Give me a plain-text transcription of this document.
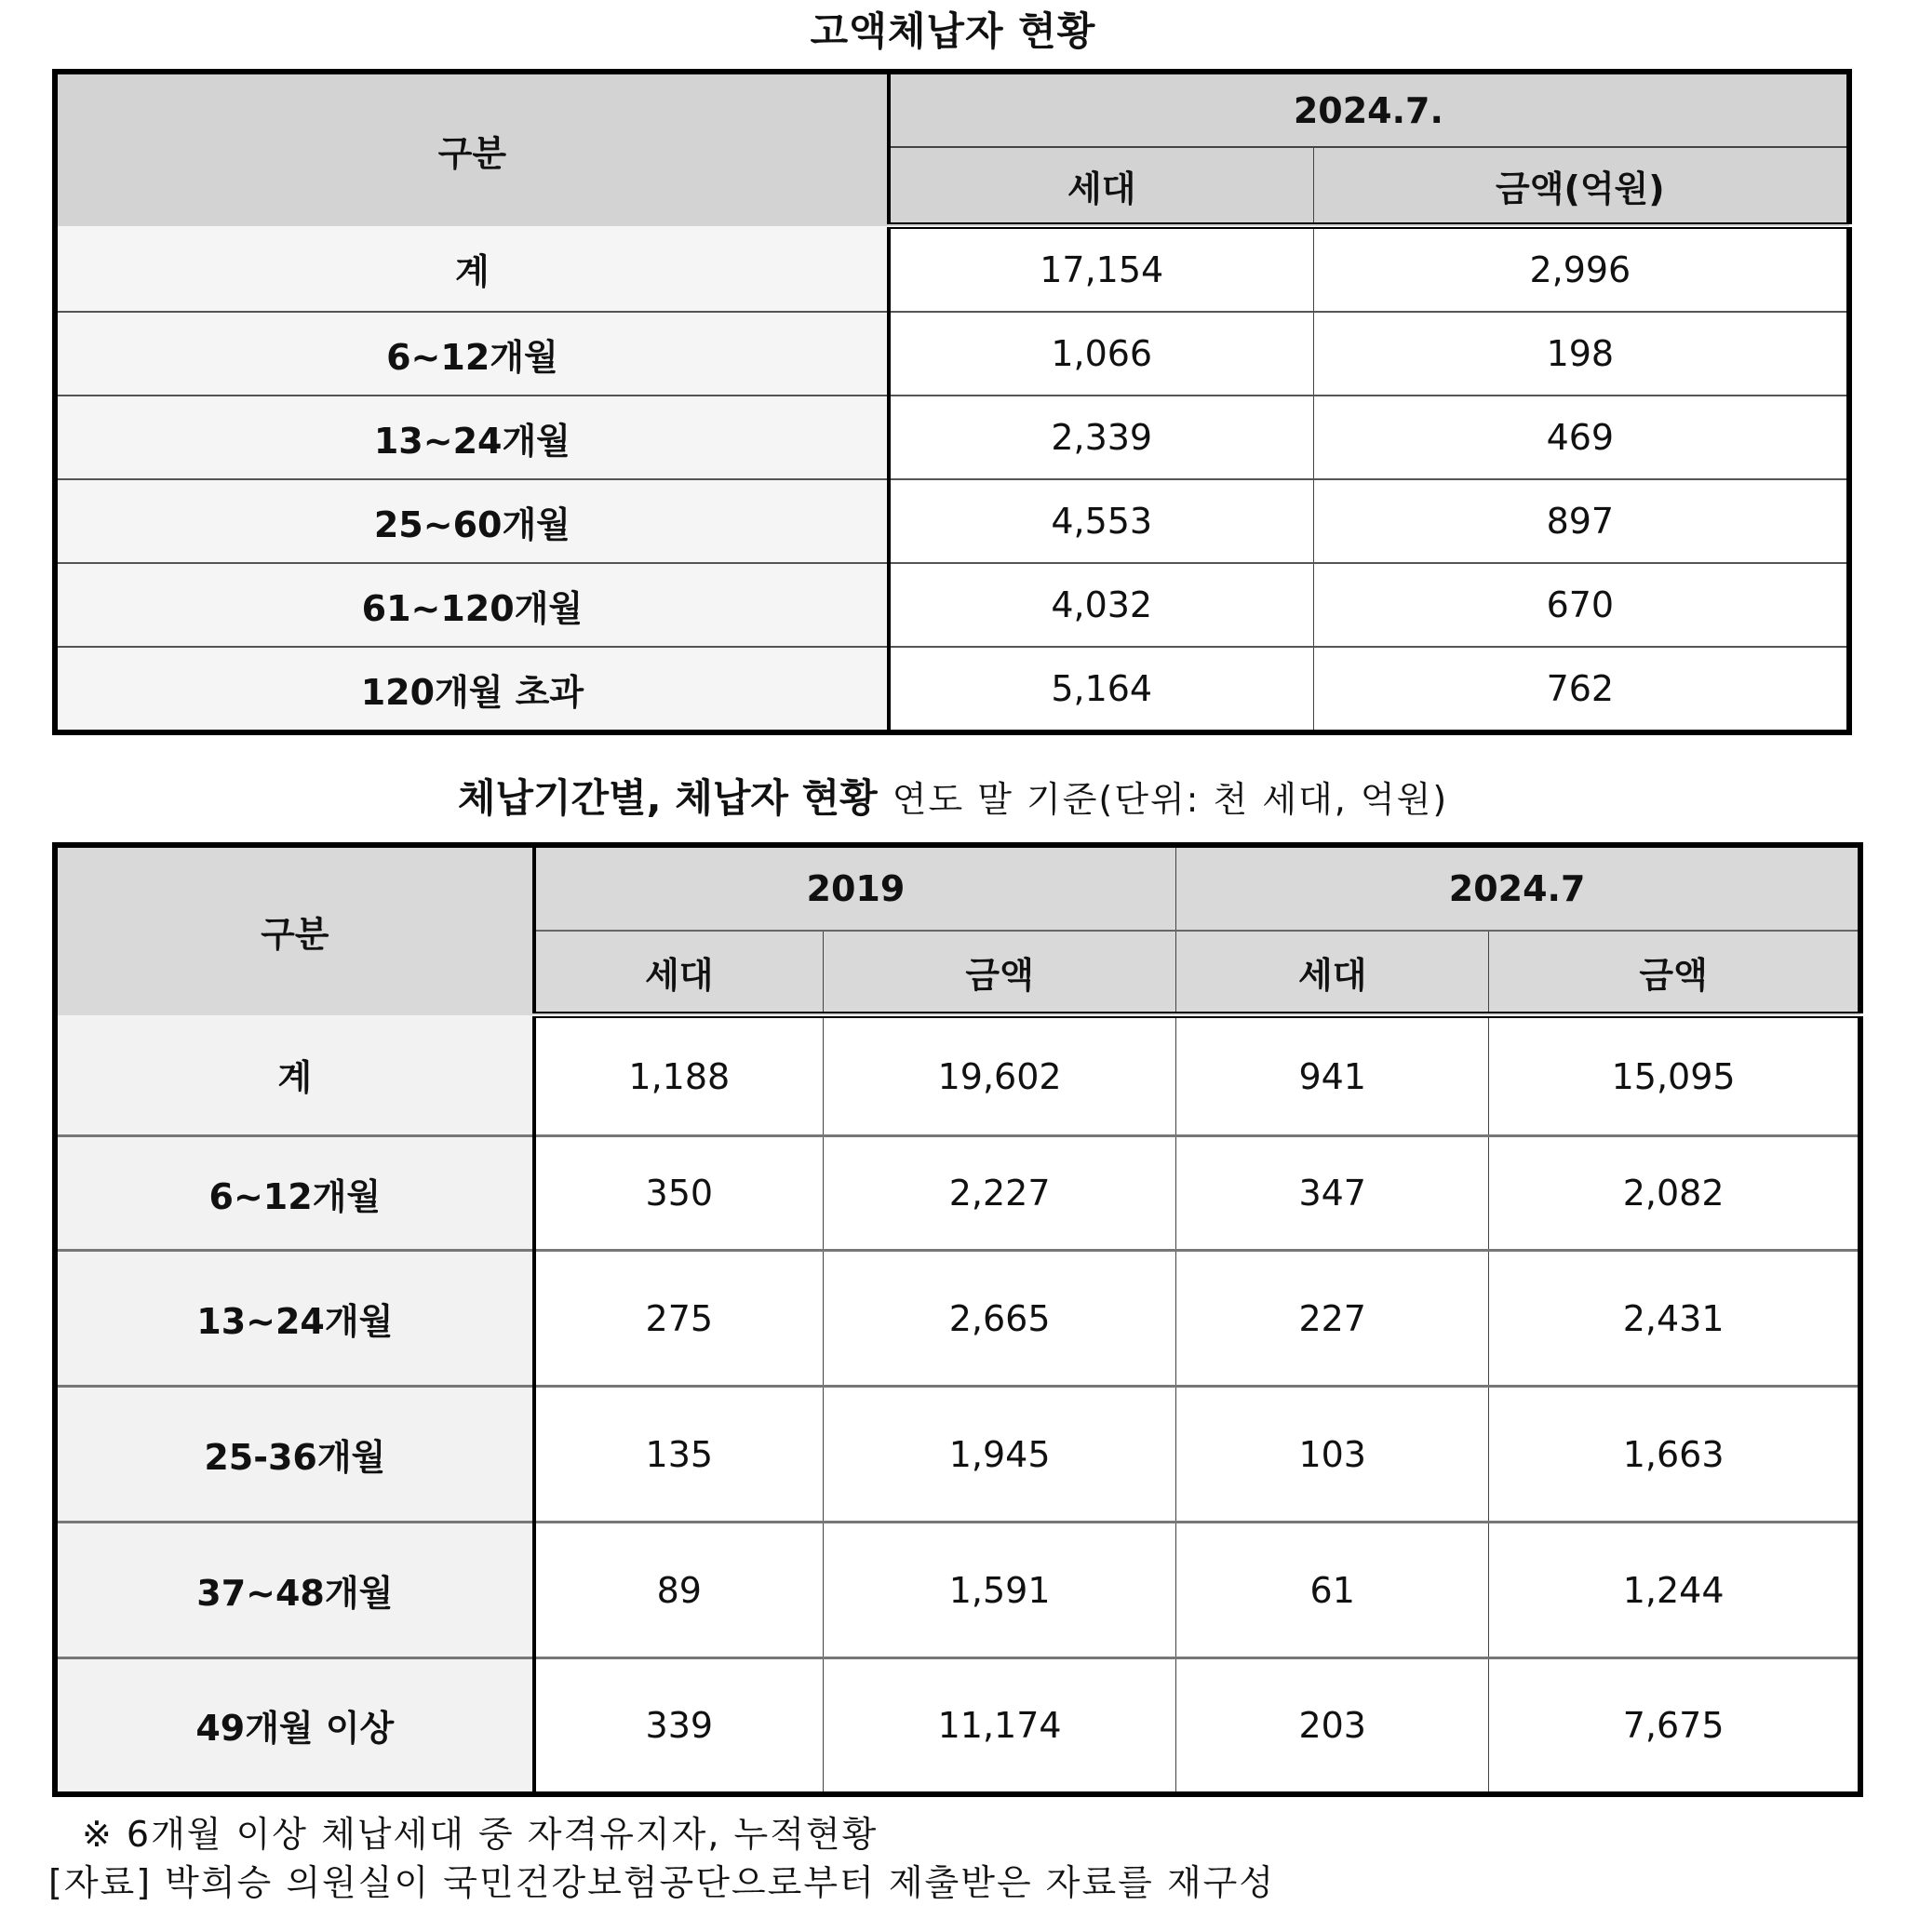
고액체납자 현황
구분	2024.7.	
	세대	금액(억원)
계	17,154	2,996
6~12개월	1,066	198
13~24개월	2,339	469
25~60개월	4,553	897
61~120개월	4,032	670
120개월 초과	5,164	762
체납기간별, 체납자 현황 연도 말 기준(단위: 천 세대, 억원)
구분	2019		2024.7	
	세대	금액	세대	금액
계	1,188	19,602	941	15,095
6~12개월	350	2,227	347	2,082
13~24개월	275	2,665	227	2,431
25-36개월	135	1,945	103	1,663
37~48개월	89	1,591	61	1,244
49개월 이상	339	11,174	203	7,675
※ 6개월 이상 체납세대 중 자격유지자, 누적현황
[자료] 박희승 의원실이 국민건강보험공단으로부터 제출받은 자료를 재구성
